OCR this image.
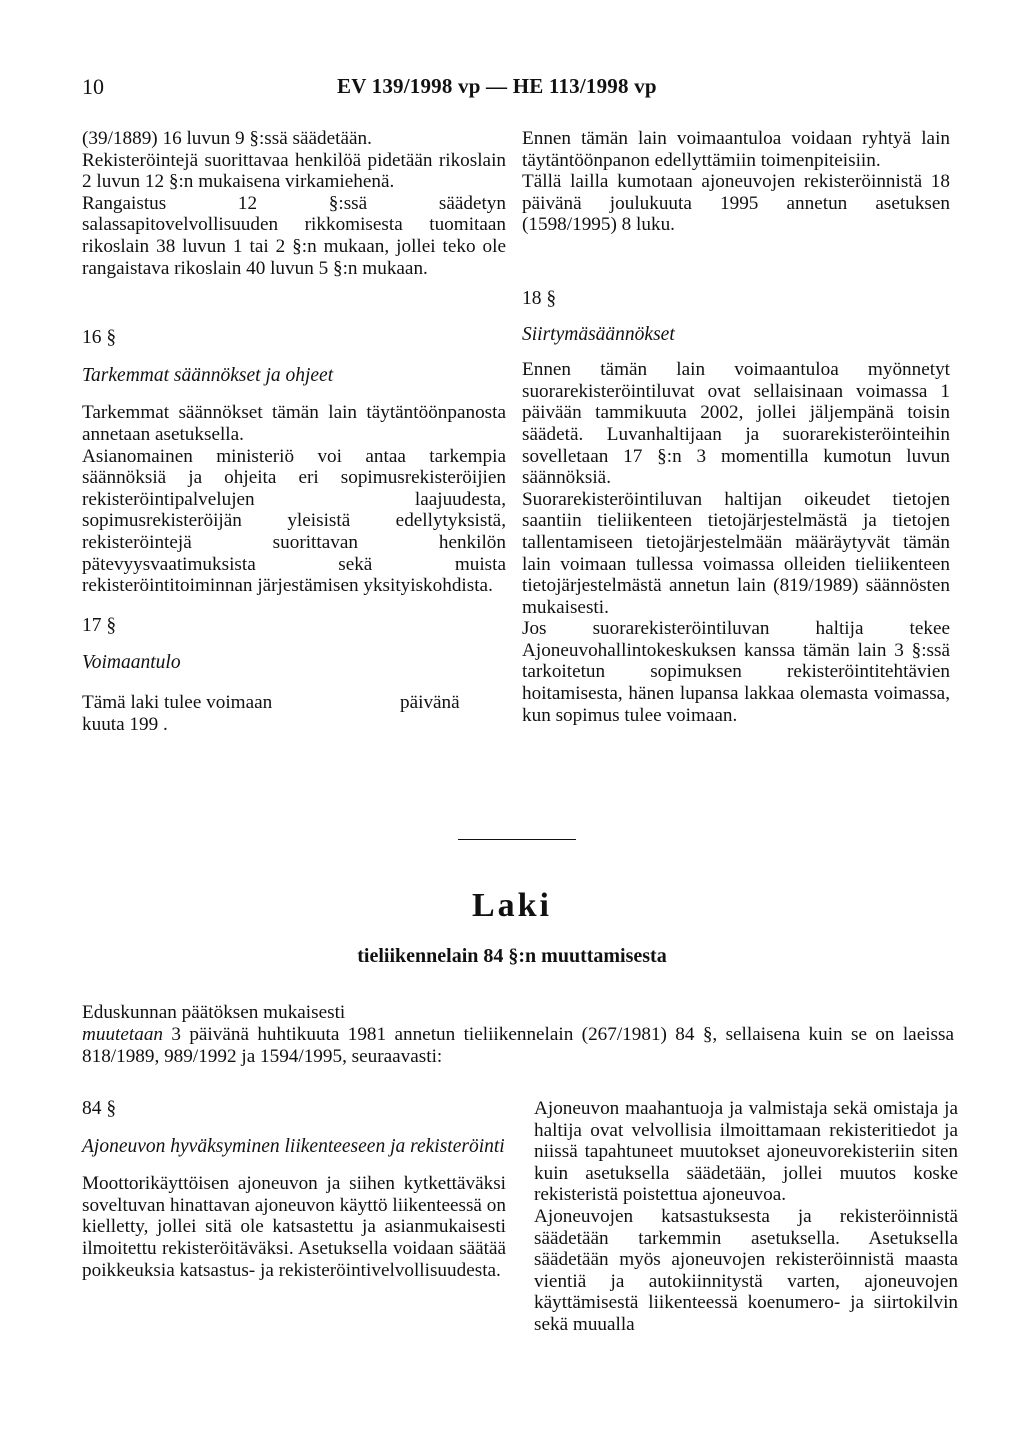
10	EV 139/1998 vp — HE 113/1998 vp

(39/1889) 16 luvun 9 §:ssä säädetään.

Rekisteröintejä suorittavaa henkilöä pidetään rikoslain 2 luvun 12 §:n mukaisena virkamiehenä.

Rangaistus 12 §:ssä säädetyn salassapitovelvollisuuden rikkomisesta tuomitaan rikoslain 38 luvun 1 tai 2 §:n mukaan, jollei teko ole rangaistava rikoslain 40 luvun 5 §:n mukaan.

16 §

Tarkemmat säännökset ja ohjeet

Tarkemmat säännökset tämän lain täytäntöönpanosta annetaan asetuksella.

Asianomainen ministeriö voi antaa tarkempia säännöksiä ja ohjeita eri sopimusrekisteröijien rekisteröintipalvelujen laajuudesta, sopimusrekisteröijän yleisistä edellytyksistä, rekisteröintejä suorittavan henkilön pätevyysvaatimuksista sekä muista rekisteröintitoiminnan järjestämisen yksityiskohdista.

17 §

Voimaantulo

Tämä laki tulee voimaan	päivänä

kuuta 199 .

Ennen tämän lain voimaantuloa voidaan ryhtyä lain täytäntöönpanon edellyttämiin toimenpiteisiin.

Tällä lailla kumotaan ajoneuvojen rekisteröinnistä 18 päivänä joulukuuta 1995 annetun asetuksen (1598/1995) 8 luku.

18 §

Siirtymäsäännökset

Ennen tämän lain voimaantuloa myönnetyt suorarekisteröintiluvat ovat sellaisinaan voimassa 1 päivään tammikuuta 2002, jollei jäljempänä toisin säädetä. Luvanhaltijaan ja suorarekisteröinteihin sovelletaan 17 §:n 3 momentilla kumotun luvun säännöksiä.

Suorarekisteröintiluvan haltijan oikeudet tietojen saantiin tieliikenteen tietojärjestelmästä ja tietojen tallentamiseen tietojärjestelmään määräytyvät tämän lain voimaan tullessa voimassa olleiden tieliikenteen tietojärjestelmästä annetun lain (819/1989) säännösten mukaisesti.

Jos suorarekisteröintiluvan haltija tekee Ajoneuvohallintokeskuksen kanssa tämän lain 3 §:ssä tarkoitetun sopimuksen rekisteröintitehtävien hoitamisesta, hänen lupansa lakkaa olemasta voimassa, kun sopimus tulee voimaan.

Laki
tieliikennelain 84 §:n muuttamisesta

Eduskunnan päätöksen mukaisesti

muutetaan 3 päivänä huhtikuuta 1981 annetun tieliikennelain (267/1981) 84 §, sellaisena kuin se on laeissa 818/1989, 989/1992 ja 1594/1995, seuraavasti:

84 §

Ajoneuvon hyväksyminen liikenteeseen ja rekisteröinti

Moottorikäyttöisen ajoneuvon ja siihen kytkettäväksi soveltuvan hinattavan ajoneuvon käyttö liikenteessä on kielletty, jollei sitä ole katsastettu ja asianmukaisesti ilmoitettu rekisteröitäväksi. Asetuksella voidaan säätää poikkeuksia katsastus- ja rekisteröintivelvollisuudesta.

Ajoneuvon maahantuoja ja valmistaja sekä omistaja ja haltija ovat velvollisia ilmoittamaan rekisteritiedot ja niissä tapahtuneet muutokset ajoneuvorekisteriin siten kuin asetuksella säädetään, jollei muutos koske rekisteristä poistettua ajoneuvoa.

Ajoneuvojen katsastuksesta ja rekisteröinnistä säädetään tarkemmin asetuksella. Asetuksella säädetään myös ajoneuvojen rekisteröinnistä maasta vientiä ja autokiinnitystä varten, ajoneuvojen käyttämisestä liikenteessä koenumero- ja siirtokilvin sekä muualla
